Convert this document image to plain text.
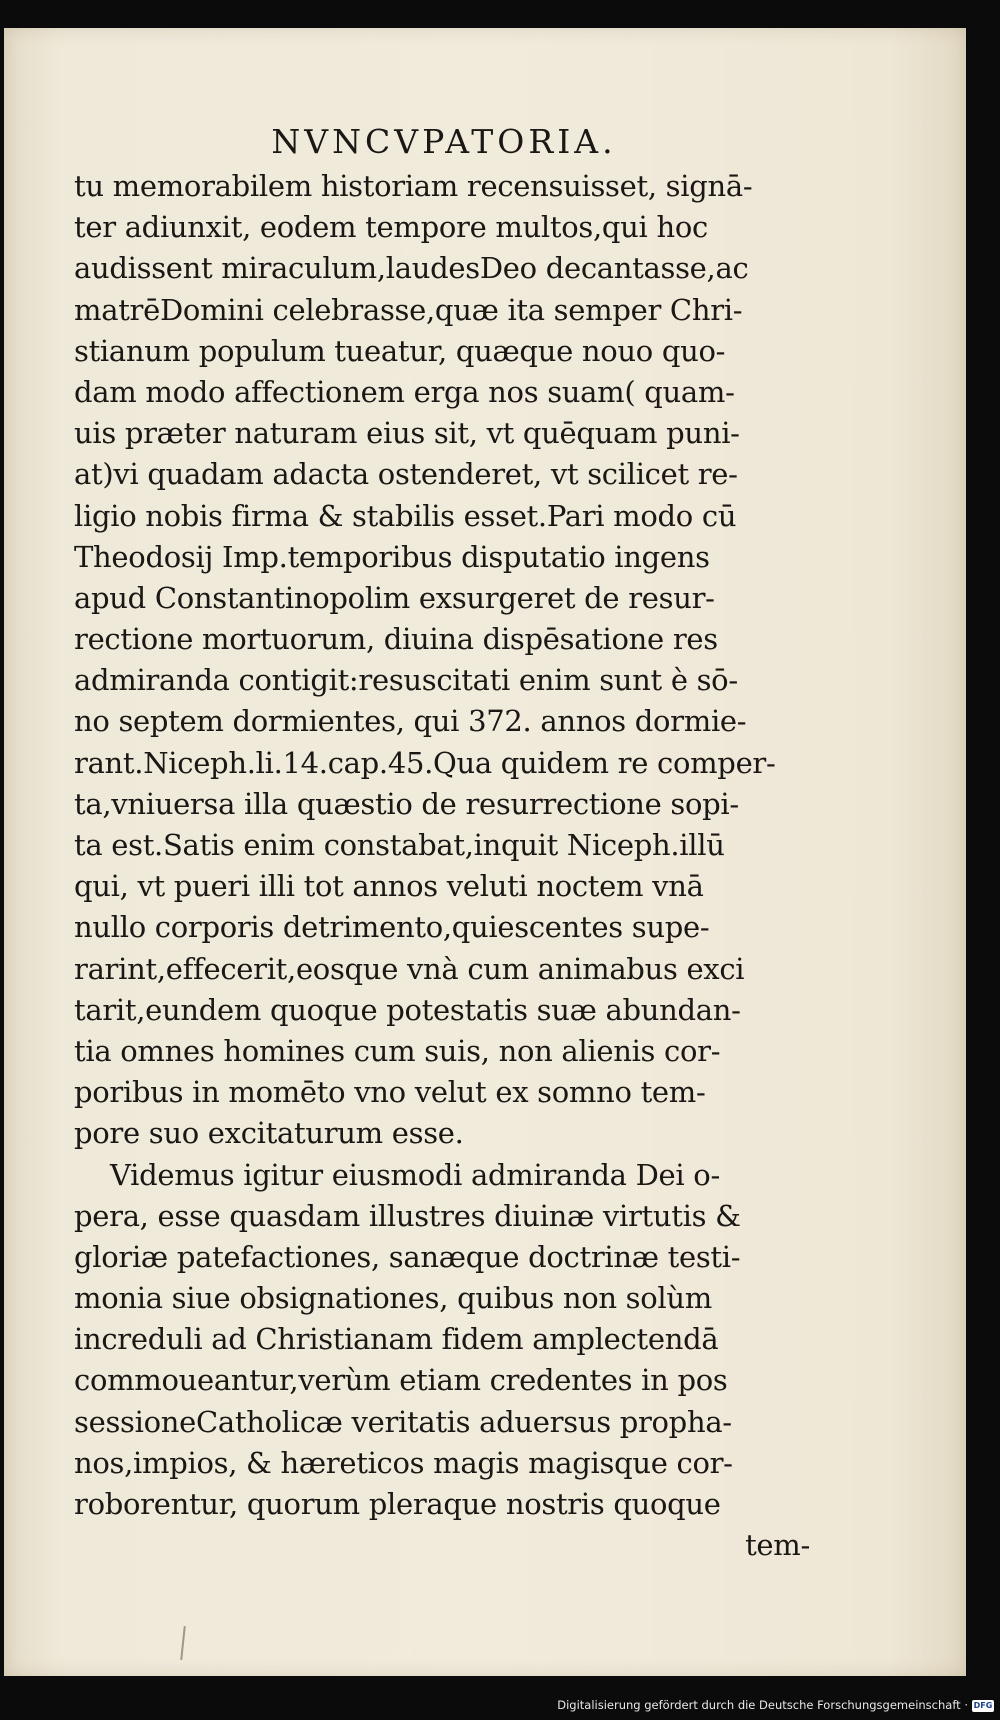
NVNCVPATORIA.
tu memorabilem historiam recensuisset, signā-
ter adiunxit, eodem tempore multos,qui hoc
audissent miraculum,laudesDeo decantasse,ac
matrēDomini celebrasse,quæ ita semper Chri-
stianum populum tueatur, quæque nouo quo-
dam modo affectionem erga nos suam( quam-
uis præter naturam eius sit, vt quēquam puni-
at)vi quadam adacta ostenderet, vt scilicet re-
ligio nobis firma & stabilis esset.Pari modo cū
Theodosij Imp.temporibus disputatio ingens
apud Constantinopolim exsurgeret de resur-
rectione mortuorum, diuina dispēsatione res
admiranda contigit:resuscitati enim sunt è sō-
no septem dormientes, qui 372. annos dormie-
rant.Niceph.li.14.cap.45.Qua quidem re comper-
ta,vniuersa illa quæstio de resurrectione sopi-
ta est.Satis enim constabat,inquit Niceph.illū
qui, vt pueri illi tot annos veluti noctem vnā
nullo corporis detrimento,quiescentes supe-
rarint,effecerit,eosque vnà cum animabus exci
tarit,eundem quoque potestatis suæ abundan-
tia omnes homines cum suis, non alienis cor-
poribus in momēto vno velut ex somno tem-
pore suo excitaturum esse.
Videmus igitur eiusmodi admiranda Dei o-
pera, esse quasdam illustres diuinæ virtutis &
gloriæ patefactiones, sanæque doctrinæ testi-
monia siue obsignationes, quibus non solùm
increduli ad Christianam fidem amplectendā
commoueantur,verùm etiam credentes in pos
sessioneCatholicæ veritatis aduersus propha-
nos,impios, & hæreticos magis magisque cor-
roborentur, quorum pleraque nostris quoque
tem-
Digitalisierung gefördert durch die Deutsche Forschungsgemeinschaft · DFG
